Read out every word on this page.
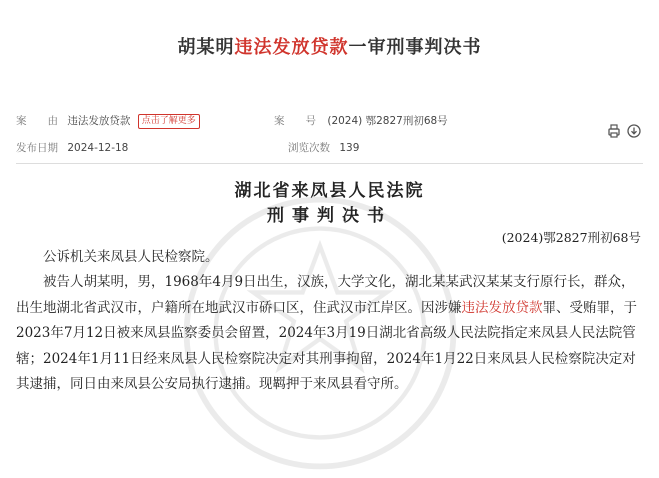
胡某明违法发放贷款一审刑事判决书
案　　由 违法发放贷款 点击了解更多	案　　号 (2024) 鄂2827刑初68号
发布日期 2024-12-18	浏览次数 139
湖北省来凤县人民法院
刑事判决书
(2024)鄂2827刑初68号
公诉机关来凤县人民检察院。
被告人胡某明，男，1968年4月9日出生，汉族，大学文化，湖北某某武汉某某支行原行长，群众，出生地湖北省武汉市，户籍所在地武汉市硚口区，住武汉市江岸区。因涉嫌违法发放贷款罪、受贿罪，于2023年7月12日被来凤县监察委员会留置，2024年3月19日湖北省高级人民法院指定来凤县人民法院管辖；2024年1月11日经来凤县人民检察院决定对其刑事拘留，2024年1月22日来凤县人民检察院决定对其逮捕，同日由来凤县公安局执行逮捕。现羁押于来凤县看守所。
